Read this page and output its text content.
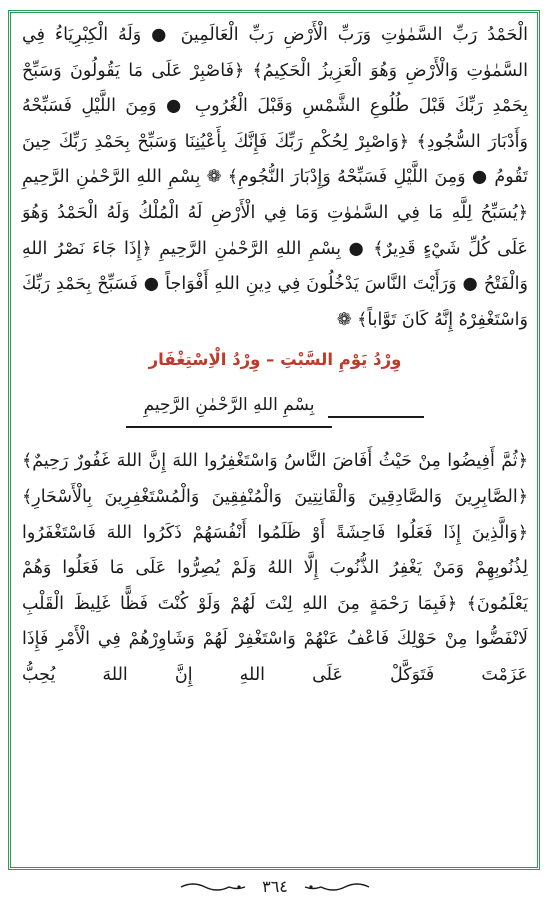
الْحَمْدُ رَبِّ السَّمٰوٰتِ وَرَبِّ الْأَرْضِ رَبِّ الْعَالَمِينَ ● وَلَهُ الْكِبْرِيَاءُ فِي السَّمٰوٰتِ وَالْأَرْضِ وَهُوَ الْعَزِيزُ الْحَكِيمُ﴾ ﴿فَاصْبِرْ عَلَى مَا يَقُولُونَ وَسَبِّحْ بِحَمْدِ رَبِّكَ قَبْلَ طُلُوعِ الشَّمْسِ وَقَبْلَ الْغُرُوبِ ● وَمِنَ اللَّيْلِ فَسَبِّحْهُ وَأَدْبَارَ السُّجُودِ﴾ ﴿وَاصْبِرْ لِحُكْمِ رَبِّكَ فَإِنَّكَ بِأَعْيُنِنَا وَسَبِّحْ بِحَمْدِ رَبِّكَ حِينَ تَقُومُ ● وَمِنَ اللَّيْلِ فَسَبِّحْهُ وَإِدْبَارَ النُّجُومِ﴾ ❁ بِسْمِ اللهِ الرَّحْمٰنِ الرَّحِيمِ ﴿يُسَبِّحُ لِلَّهِ مَا فِي السَّمٰوٰتِ وَمَا فِي الْأَرْضِ لَهُ الْمُلْكُ وَلَهُ الْحَمْدُ وَهُوَ عَلَى كُلِّ شَيْءٍ قَدِيرٌ﴾ ● بِسْمِ اللهِ الرَّحْمٰنِ الرَّحِيمِ ﴿إِذَا جَاءَ نَصْرُ اللهِ وَالْفَتْحُ ● وَرَأَيْتَ النَّاسَ يَدْخُلُونَ فِي دِينِ اللهِ أَفْوَاجاً ● فَسَبِّحْ بِحَمْدِ رَبِّكَ وَاسْتَغْفِرْهُ إِنَّهُ كَانَ تَوَّاباً﴾ ❁

وِرْدُ يَوْمِ السَّبْتِ – وِرْدُ الْاِسْتِغْفَار
بِسْمِ اللهِ الرَّحْمٰنِ الرَّحِيمِ

﴿ثُمَّ أَفِيضُوا مِنْ حَيْثُ أَفَاضَ النَّاسُ وَاسْتَغْفِرُوا اللهَ إِنَّ اللهَ غَفُورٌ رَحِيمٌ﴾ ﴿الصَّابِرِينَ وَالصَّادِقِينَ وَالْقَانِتِينَ وَالْمُنْفِقِينَ وَالْمُسْتَغْفِرِينَ بِالْأَسْحَارِ﴾ ﴿وَالَّذِينَ إِذَا فَعَلُوا فَاحِشَةً أَوْ ظَلَمُوا أَنْفُسَهُمْ ذَكَرُوا اللهَ فَاسْتَغْفَرُوا لِذُنُوبِهِمْ وَمَنْ يَغْفِرُ الذُّنُوبَ إِلَّا اللهُ وَلَمْ يُصِرُّوا عَلَى مَا فَعَلُوا وَهُمْ يَعْلَمُونَ﴾ ﴿فَبِمَا رَحْمَةٍ مِنَ اللهِ لِنْتَ لَهُمْ وَلَوْ كُنْتَ فَظًّا غَلِيظَ الْقَلْبِ لَانْفَضُّوا مِنْ حَوْلِكَ فَاعْفُ عَنْهُمْ وَاسْتَغْفِرْ لَهُمْ وَشَاوِرْهُمْ فِي الْأَمْرِ فَإِذَا عَزَمْتَ فَتَوَكَّلْ عَلَى اللهِ إِنَّ اللهَ يُحِبُّ

٣٦٤
